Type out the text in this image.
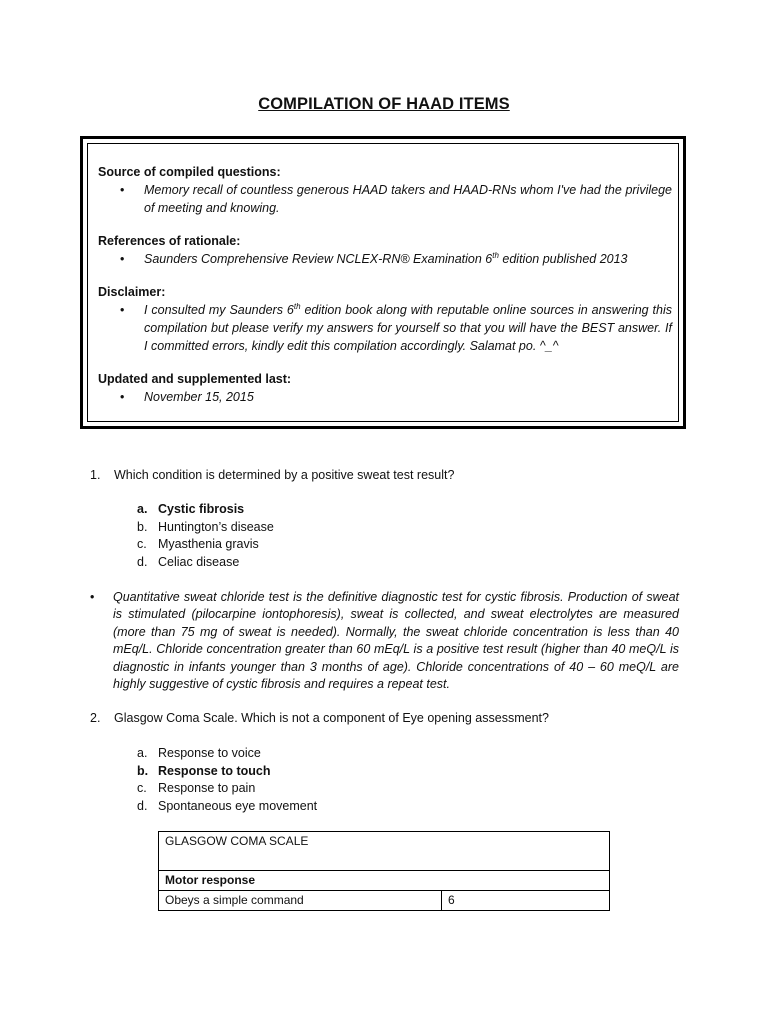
COMPILATION OF HAAD ITEMS
Source of compiled questions:
• Memory recall of countless generous HAAD takers and HAAD-RNs whom I've had the privilege of meeting and knowing.
References of rationale:
• Saunders Comprehensive Review NCLEX-RN® Examination 6th edition published 2013
Disclaimer:
• I consulted my Saunders 6th edition book along with reputable online sources in answering this compilation but please verify my answers for yourself so that you will have the BEST answer. If I committed errors, kindly edit this compilation accordingly. Salamat po. ^_^
Updated and supplemented last:
• November 15, 2015
1. Which condition is determined by a positive sweat test result?
a. Cystic fibrosis
b. Huntington’s disease
c. Myasthenia gravis
d. Celiac disease
• Quantitative sweat chloride test is the definitive diagnostic test for cystic fibrosis. Production of sweat is stimulated (pilocarpine iontophoresis), sweat is collected, and sweat electrolytes are measured (more than 75 mg of sweat is needed). Normally, the sweat chloride concentration is less than 40 mEq/L. Chloride concentration greater than 60 mEq/L is a positive test result (higher than 40 meQ/L is diagnostic in infants younger than 3 months of age). Chloride concentrations of 40 – 60 meQ/L are highly suggestive of cystic fibrosis and requires a repeat test.
2. Glasgow Coma Scale. Which is not a component of Eye opening assessment?
a. Response to voice
b. Response to touch
c. Response to pain
d. Spontaneous eye movement
GLASGOW COMA SCALE
Motor response
Obeys a simple command	6
